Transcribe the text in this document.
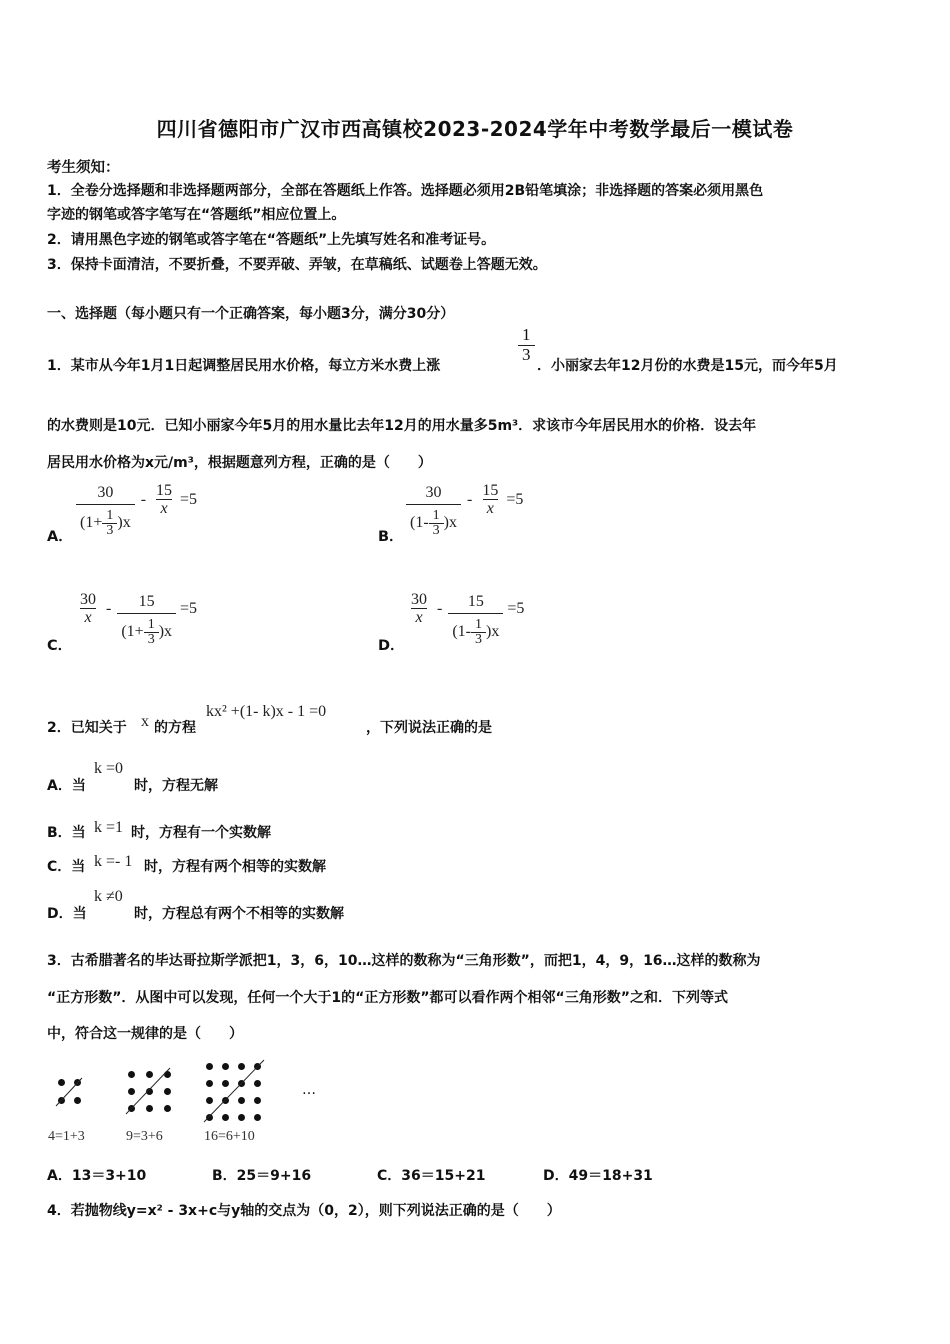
四川省德阳市广汉市西高镇校2023-2024学年中考数学最后一模试卷
考生须知：
1．全卷分选择题和非选择题两部分，全部在答题纸上作答。选择题必须用2B铅笔填涂；非选择题的答案必须用黑色
字迹的钢笔或答字笔写在“答题纸”相应位置上。
2．请用黑色字迹的钢笔或答字笔在“答题纸”上先填写姓名和准考证号。
3．保持卡面清洁，不要折叠，不要弄破、弄皱，在草稿纸、试题卷上答题无效。
一、选择题（每小题只有一个正确答案，每小题3分，满分30分）
1．某市从今年1月1日起调整居民用水价格，每立方米水费上涨
$\frac{1}{3}$
．小丽家去年12月份的水费是15元，而今年5月
的水费则是10元．已知小丽家今年5月的用水量比去年12月的用水量多5m³．求该市今年居民用水的价格．设去年
居民用水价格为x元/m³，根据题意列方程，正确的是（　　）
A． $\frac{30}{(1+ \frac{1}{3} )x} - \frac{15}{x} =5$
B． $\frac{30}{(1- \frac{1}{3} )x} - \frac{15}{x} =5$
C．
$\frac{30}{x} - \frac{15}{(1+ \frac{1}{3} )x} =5$
D．
$\frac{30}{x} - \frac{15}{(1- \frac{1}{3} )x} =5$
2．已知关于 x 的方程
kx² +(1- k)x - 1 =0
，下列说法正确的是
A．当
k =0
时，方程无解
B．当 k =1 时，方程有一个实数解
C．当 k =- 1 时，方程有两个相等的实数解
D．当
k ≠0
时，方程总有两个不相等的实数解
3．古希腊著名的毕达哥拉斯学派把1，3，6，10…这样的数称为“三角形数”，而把1，4，9，16…这样的数称为
“正方形数”．从图中可以发现，任何一个大于1的“正方形数”都可以看作两个相邻“三角形数”之和．下列等式
中，符合这一规律的是（　　）
…
4=1+3	9=3+6	16=6+10
A．13＝3+10	B．25＝9+16	C．36＝15+21	D．49＝18+31
4．若抛物线y=x² - 3x+c与y轴的交点为（0，2），则下列说法正确的是（　　）
